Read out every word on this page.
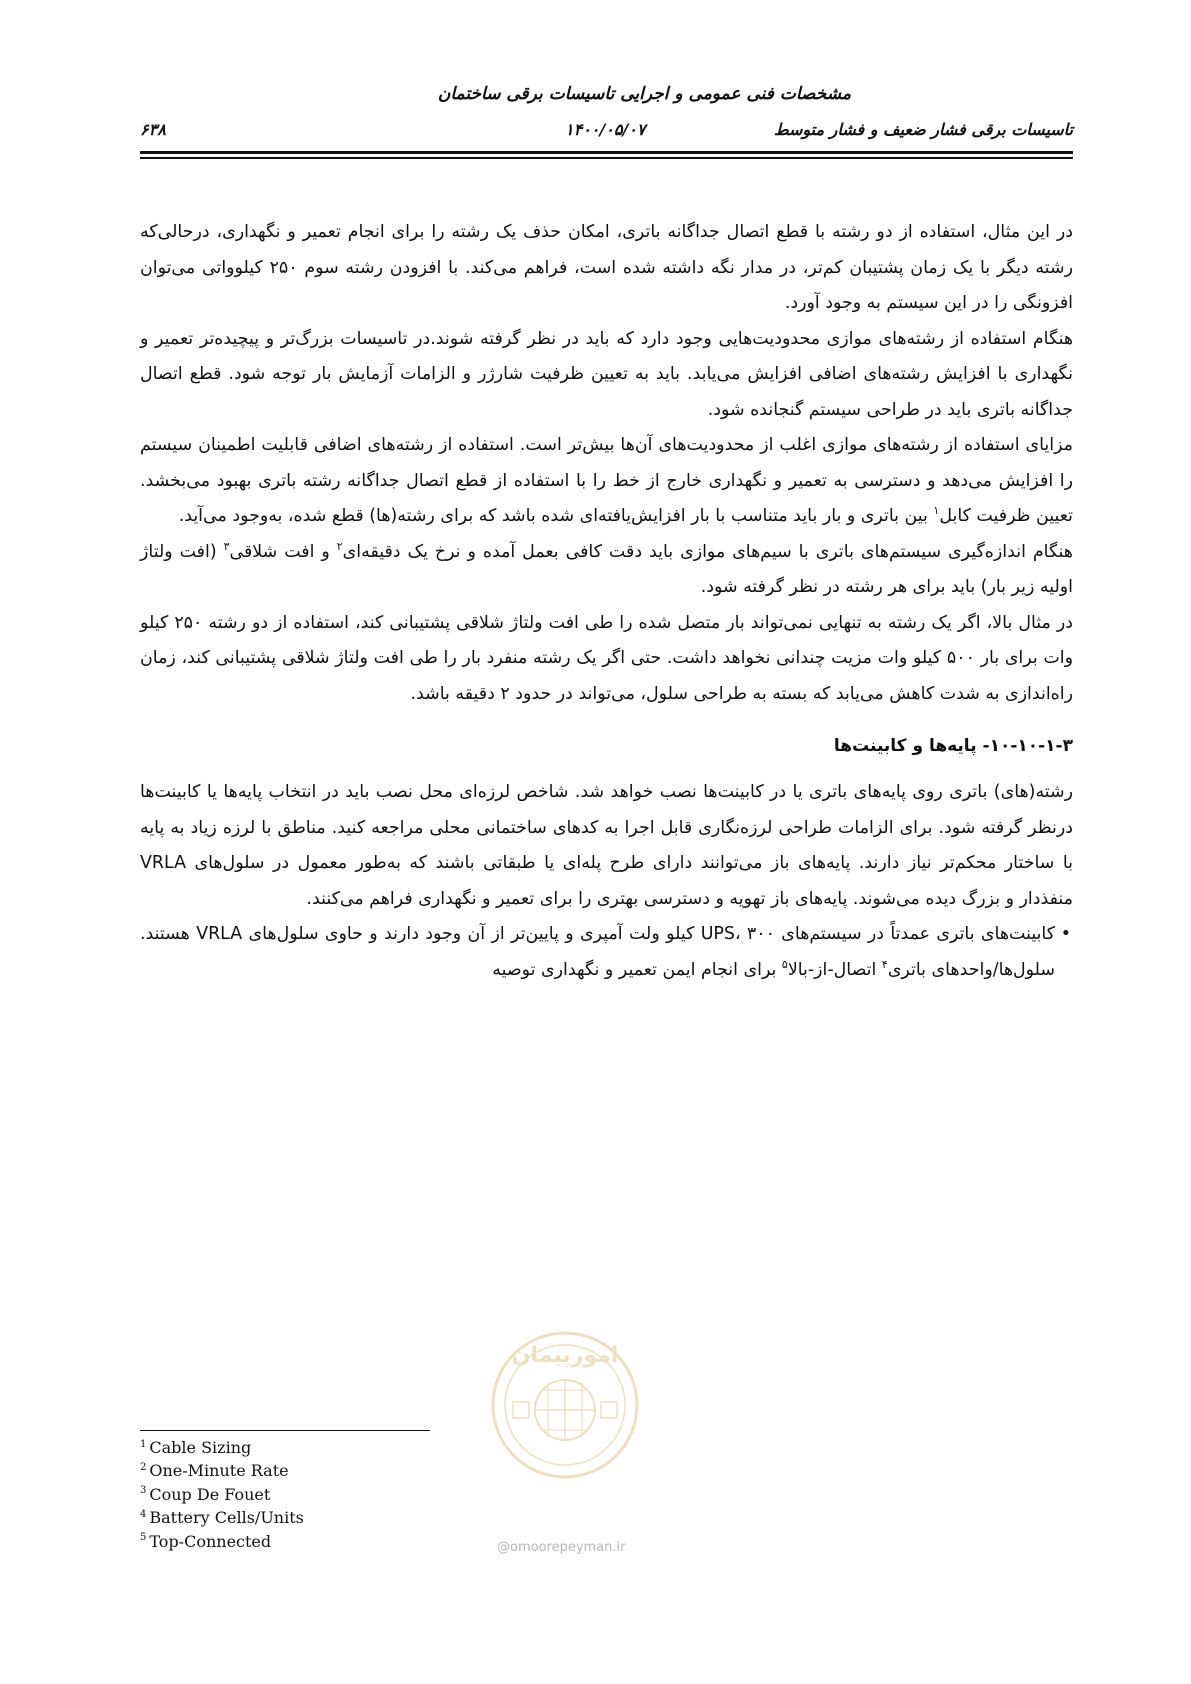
مشخصات فنی عمومی و اجرایی تاسیسات برقی ساختمان
تاسیسات برقی فشار ضعیف و فشار متوسط
۱۴۰۰/۰۵/۰۷
۶۳۸

در این مثال، استفاده از دو رشته با قطع اتصال جداگانه باتری، امکان حذف یک رشته را برای انجام تعمیر و نگهداری، درحالی‌که رشته دیگر با یک زمان پشتیبان کم‌تر، در مدار نگه داشته شده است، فراهم می‌کند. با افزودن رشته سوم ۲۵۰ کیلوواتی می‌توان افزونگی را در این سیستم به وجود آورد.

هنگام استفاده از رشته‌های موازی محدودیت‌هایی وجود دارد که باید در نظر گرفته شوند.در تاسیسات بزرگ‌تر و پیچیده‌تر تعمیر و نگهداری با افزایش رشته‌های اضافی افزایش می‌یابد. باید به تعیین ظرفیت شارژر و الزامات آزمایش بار توجه شود. قطع اتصال جداگانه باتری باید در طراحی سیستم گنجانده شود.

مزایای استفاده از رشته‌های موازی اغلب از محدودیت‌های آن‌ها بیش‌تر است. استفاده از رشته‌های اضافی قابلیت اطمینان سیستم را افزایش می‌دهد و دسترسی به تعمیر و نگهداری خارج از خط را با استفاده از قطع اتصال جداگانه رشته باتری بهبود می‌بخشد. تعیین ظرفیت کابل$^۱$ بین باتری و بار باید متناسب با بار افزایش‌یافته‌ای شده باشد که برای رشته(ها) قطع شده، به‌وجود می‌آید.

هنگام اندازه‌گیری سیستم‌های باتری با سیم‌های موازی باید دقت کافی بعمل آمده و نرخ یک دقیقه‌ای$^۲$ و افت شلاقی$^۳$ (افت ولتاژ اولیه زیر بار) باید برای هر رشته در نظر گرفته شود.

در مثال بالا، اگر یک رشته به تنهایی نمی‌تواند بار متصل شده را طی افت ولتاژ شلاقی پشتیبانی کند، استفاده از دو رشته ۲۵۰ کیلو وات برای بار ۵۰۰ کیلو وات مزیت چندانی نخواهد داشت. حتی اگر یک رشته منفرد بار را طی افت ولتاژ شلاقی پشتیبانی کند، زمان راه‌اندازی به شدت کاهش می‌یابد که بسته به طراحی سلول، می‌تواند در حدود ۲ دقیقه باشد.

۱۰-۱۰-۱-۳- پایه‌ها و کابینت‌ها

رشته(های) باتری روی پایه‌های باتری یا در کابینت‌ها نصب خواهد شد. شاخص لرزه‌ای محل نصب باید در انتخاب پایه‌ها یا کابینت‌ها درنظر گرفته شود. برای الزامات طراحی لرزه‌نگاری قابل اجرا به کدهای ساختمانی محلی مراجعه کنید. مناطق با لرزه زیاد به پایه با ساختار محکم‌تر نیاز دارند. پایه‌های باز می‌توانند دارای طرح پله‌ای یا طبقاتی باشند که به‌طور معمول در سلول‌های VRLA منفذدار و بزرگ دیده می‌شوند. پایه‌های باز تهویه و دسترسی بهتری را برای تعمیر و نگهداری فراهم می‌کنند.

• کابینت‌های باتری عمدتاً در سیستم‌های UPS، ۳۰۰ کیلو ولت آمپری و پایین‌تر از آن وجود دارند و حاوی سلول‌های VRLA هستند. سلول‌ها/واحدهای باتری$^۴$ اتصال-از-بالا$^۵$ برای انجام ایمن تعمیر و نگهداری توصیه
$^1$ Cable Sizing
$^2$ One-Minute Rate
$^3$ Coup De Fouet
$^4$ Battery Cells/Units
$^5$ Top-Connected
امورپیمان
@omoorepeyman.ir
